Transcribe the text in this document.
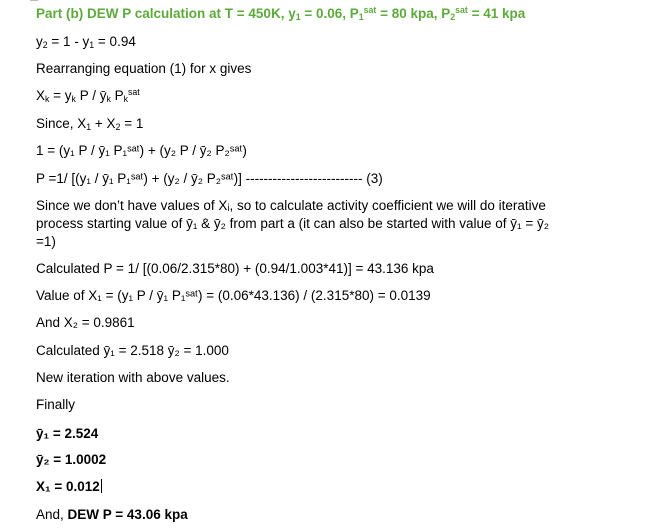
Part (b) DEW P calculation at T = 450K, $y_1 = 0.06$, $P_1^{sat} = 80$ kpa, $P_2^{sat} = 41$ kpa
$y_2 = 1 - y_1 = 0.94$
Rearranging equation (1) for x gives
$X_k = y_k$ P / $ȳ_k$ $P_k^{sat}$
Since, $X_1 + X_2 = 1$
1 = (y₁ P / ȳ₁ P₁ˢᵃᵗ) + (y₂ P / ȳ₂ P₂ˢᵃᵗ)
P =1/ [(y₁ / ȳ₁ P₁ˢᵃᵗ) + (y₂ / ȳ₂ P₂ˢᵃᵗ)] -------------------------- (3)
Since we don’t have values of Xᵢ, so to calculate activity coefficient we will do iterative process starting value of ȳ₁ & ȳ₂ from part a (it can also be started with value of ȳ₁ = ȳ₂ =1)
Calculated P = 1/ [(0.06/2.315*80) + (0.94/1.003*41)] = 43.136 kpa
Value of X₁ = (y₁ P / ȳ₁ P₁ˢᵃᵗ) = (0.06*43.136) / (2.315*80) = 0.0139
And X₂ = 0.9861
Calculated ȳ₁ = 2.518 ȳ₂ = 1.000
New iteration with above values.
Finally
ȳ₁ = 2.524
ȳ₂ = 1.0002
X₁ = 0.012
And, DEW P = 43.06 kpa
